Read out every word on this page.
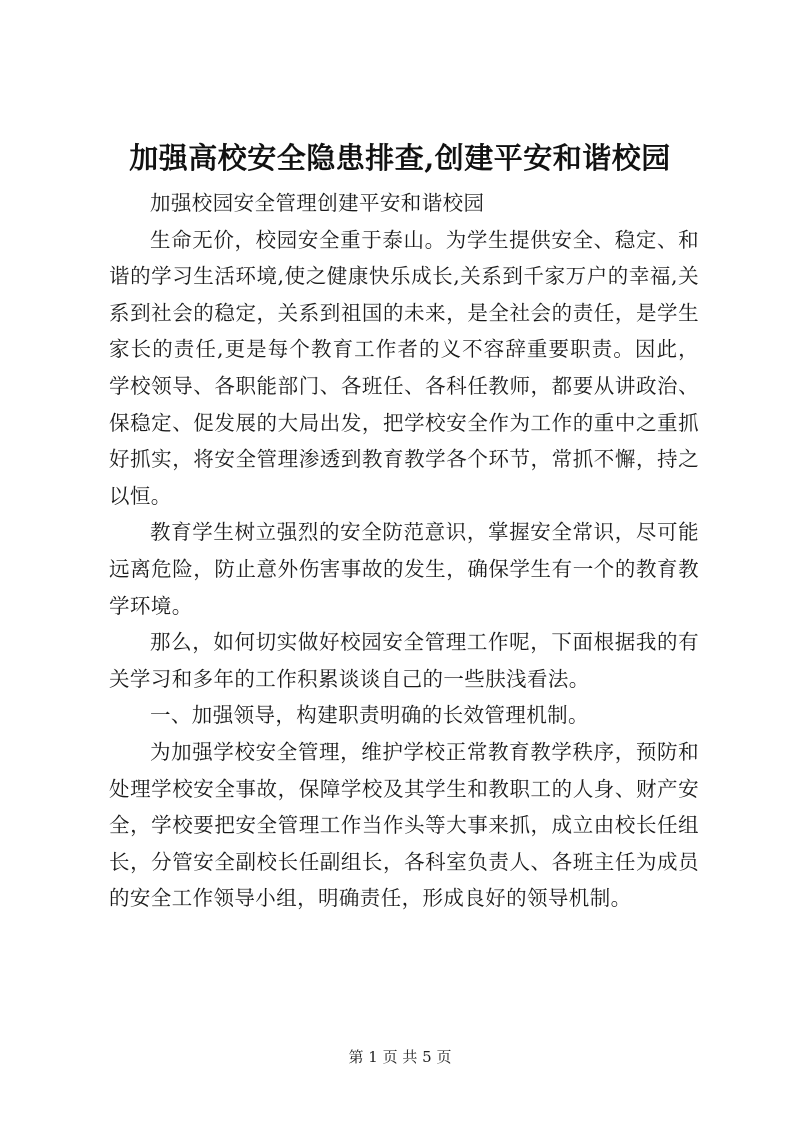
加强高校安全隐患排查,创建平安和谐校园

加强校园安全管理创建平安和谐校园

生命无价，校园安全重于泰山。为学生提供安全、稳定、和谐的学习生活环境,使之健康快乐成长,关系到千家万户的幸福,关系到社会的稳定，关系到祖国的未来，是全社会的责任，是学生家长的责任,更是每个教育工作者的义不容辞重要职责。因此，学校领导、各职能部门、各班任、各科任教师，都要从讲政治、保稳定、促发展的大局出发，把学校安全作为工作的重中之重抓好抓实，将安全管理渗透到教育教学各个环节，常抓不懈，持之以恒。

教育学生树立强烈的安全防范意识，掌握安全常识，尽可能远离危险，防止意外伤害事故的发生，确保学生有一个的教育教学环境。

那么，如何切实做好校园安全管理工作呢，下面根据我的有关学习和多年的工作积累谈谈自己的一些肤浅看法。

一、加强领导，构建职责明确的长效管理机制。

为加强学校安全管理，维护学校正常教育教学秩序，预防和处理学校安全事故，保障学校及其学生和教职工的人身、财产安全，学校要把安全管理工作当作头等大事来抓，成立由校长任组长，分管安全副校长任副组长，各科室负责人、各班主任为成员的安全工作领导小组，明确责任，形成良好的领导机制。

第 1 页 共 5 页
